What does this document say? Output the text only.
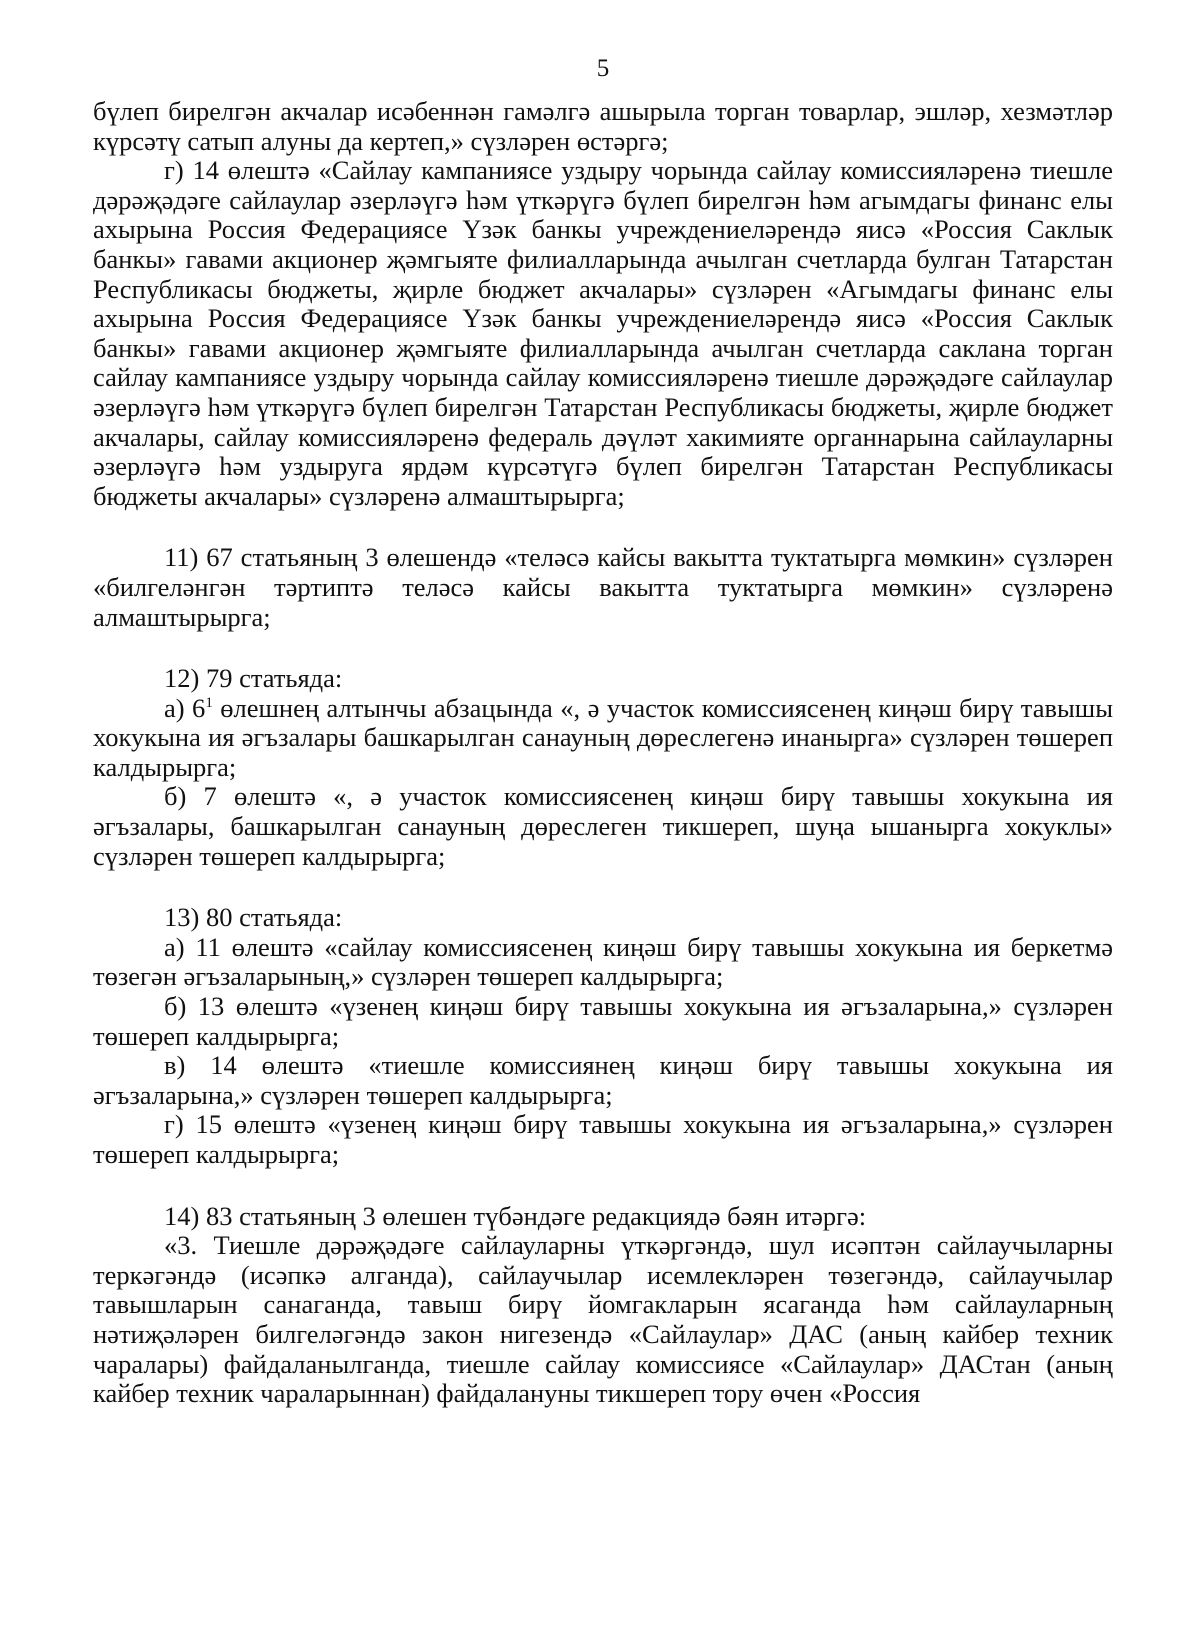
5

бүлеп бирелгән акчалар исәбеннән гамәлгә ашырыла торган товарлар, эшләр, хезмәтләр күрсәтү сатып алуны да кертеп,» сүзләрен өстәргә;

г) 14 өлештә «Сайлау кампаниясе уздыру чорында сайлау комиссияләренә тиешле дәрәҗәдәге сайлаулар әзерләүгә һәм үткәрүгә бүлеп бирелгән һәм агымдагы финанс елы ахырына Россия Федерациясе Үзәк банкы учреждениеләрендә яисә «Россия Саклык банкы» гавами акционер җәмгыяте филиалларында ачылган счетларда булган Татарстан Республикасы бюджеты, җирле бюджет акчалары» сүзләрен «Агымдагы финанс елы ахырына Россия Федерациясе Үзәк банкы учреждениеләрендә яисә «Россия Саклык банкы» гавами акционер җәмгыяте филиалларында ачылган счетларда саклана торган сайлау кампаниясе уздыру чорында сайлау комиссияләренә тиешле дәрәҗәдәге сайлаулар әзерләүгә һәм үткәрүгә бүлеп бирелгән Татарстан Республикасы бюджеты, җирле бюджет акчалары, сайлау комиссияләренә федераль дәүләт хакимияте органнарына сайлауларны әзерләүгә һәм уздыруга ярдәм күрсәтүгә бүлеп бирелгән Татарстан Республикасы бюджеты акчалары» сүзләренә алмаштырырга;

11) 67 статьяның 3 өлешендә «теләсә кайсы вакытта туктатырга мөмкин» сүзләрен «билгеләнгән тәртиптә теләсә кайсы вакытта туктатырга мөмкин» сүзләренә алмаштырырга;

12) 79 статьяда:

а) $6^1$ өлешнең алтынчы абзацында «, ә участок комиссиясенең киңәш бирү тавышы хокукына ия әгъзалары башкарылган санауның дөреслегенә инанырга» сүзләрен төшереп калдырырга;

б) 7 өлештә «, ә участок комиссиясенең киңәш бирү тавышы хокукына ия әгъзалары, башкарылган санауның дөреслеген тикшереп, шуңа ышанырга хокуклы» сүзләрен төшереп калдырырга;

13) 80 статьяда:

а) 11 өлештә «сайлау комиссиясенең киңәш бирү тавышы хокукына ия беркетмә төзегән әгъзаларының,» сүзләрен төшереп калдырырга;

б) 13 өлештә «үзенең киңәш бирү тавышы хокукына ия әгъзаларына,» сүзләрен төшереп калдырырга;

в) 14 өлештә «тиешле комиссиянең киңәш бирү тавышы хокукына ия әгъзаларына,» сүзләрен төшереп калдырырга;

г) 15 өлештә «үзенең киңәш бирү тавышы хокукына ия әгъзаларына,» сүзләрен төшереп калдырырга;

14) 83 статьяның 3 өлешен түбәндәге редакциядә бәян итәргә:

«3. Тиешле дәрәҗәдәге сайлауларны үткәргәндә, шул исәптән сайлаучыларны теркәгәндә (исәпкә алганда), сайлаучылар исемлекләрен төзегәндә, сайлаучылар тавышларын санаганда, тавыш бирү йомгакларын ясаганда һәм сайлауларның нәтиҗәләрен билгеләгәндә закон нигезендә «Сайлаулар» ДАС (аның кайбер техник чаралары) файдаланылганда, тиешле сайлау комиссиясе «Сайлаулар» ДАСтан (аның кайбер техник чараларыннан) файдалануны тикшереп тору өчен «Россия
